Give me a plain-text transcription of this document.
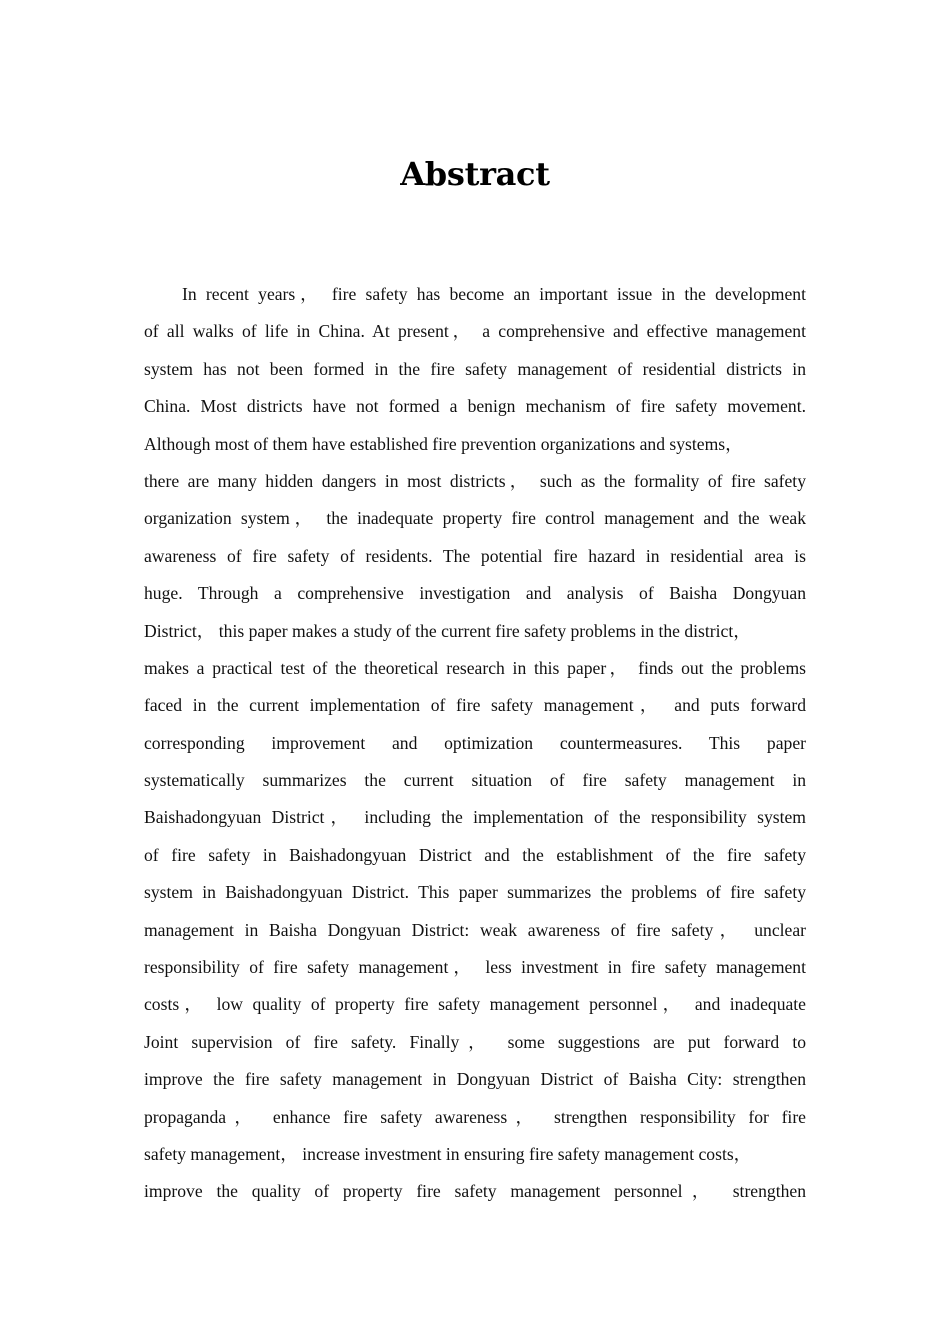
Abstract
In recent years， fire safety has become an important issue in the development
of all walks of life in China. At present， a comprehensive and effective management
system has not been formed in the fire safety management of residential districts in
China. Most districts have not formed a benign mechanism of fire safety movement.
Although most of them have established fire prevention organizations and systems，
there are many hidden dangers in most districts， such as the formality of fire safety
organization system， the inadequate property fire control management and the weak
awareness of fire safety of residents. The potential fire hazard in residential area is
huge. Through a comprehensive investigation and analysis of Baisha Dongyuan
District， this paper makes a study of the current fire safety problems in the district，
makes a practical test of the theoretical research in this paper， finds out the problems
faced in the current implementation of fire safety management， and puts forward
corresponding improvement and optimization countermeasures. This paper
systematically summarizes the current situation of fire safety management in
Baishadongyuan District， including the implementation of the responsibility system
of fire safety in Baishadongyuan District and the establishment of the fire safety
system in Baishadongyuan District. This paper summarizes the problems of fire safety
management in Baisha Dongyuan District: weak awareness of fire safety， unclear
responsibility of fire safety management， less investment in fire safety management
costs， low quality of property fire safety management personnel， and inadequate
Joint supervision of fire safety. Finally， some suggestions are put forward to
improve the fire safety management in Dongyuan District of Baisha City: strengthen
propaganda， enhance fire safety awareness， strengthen responsibility for fire
safety management， increase investment in ensuring fire safety management costs，
improve the quality of property fire safety management personnel， strengthen
